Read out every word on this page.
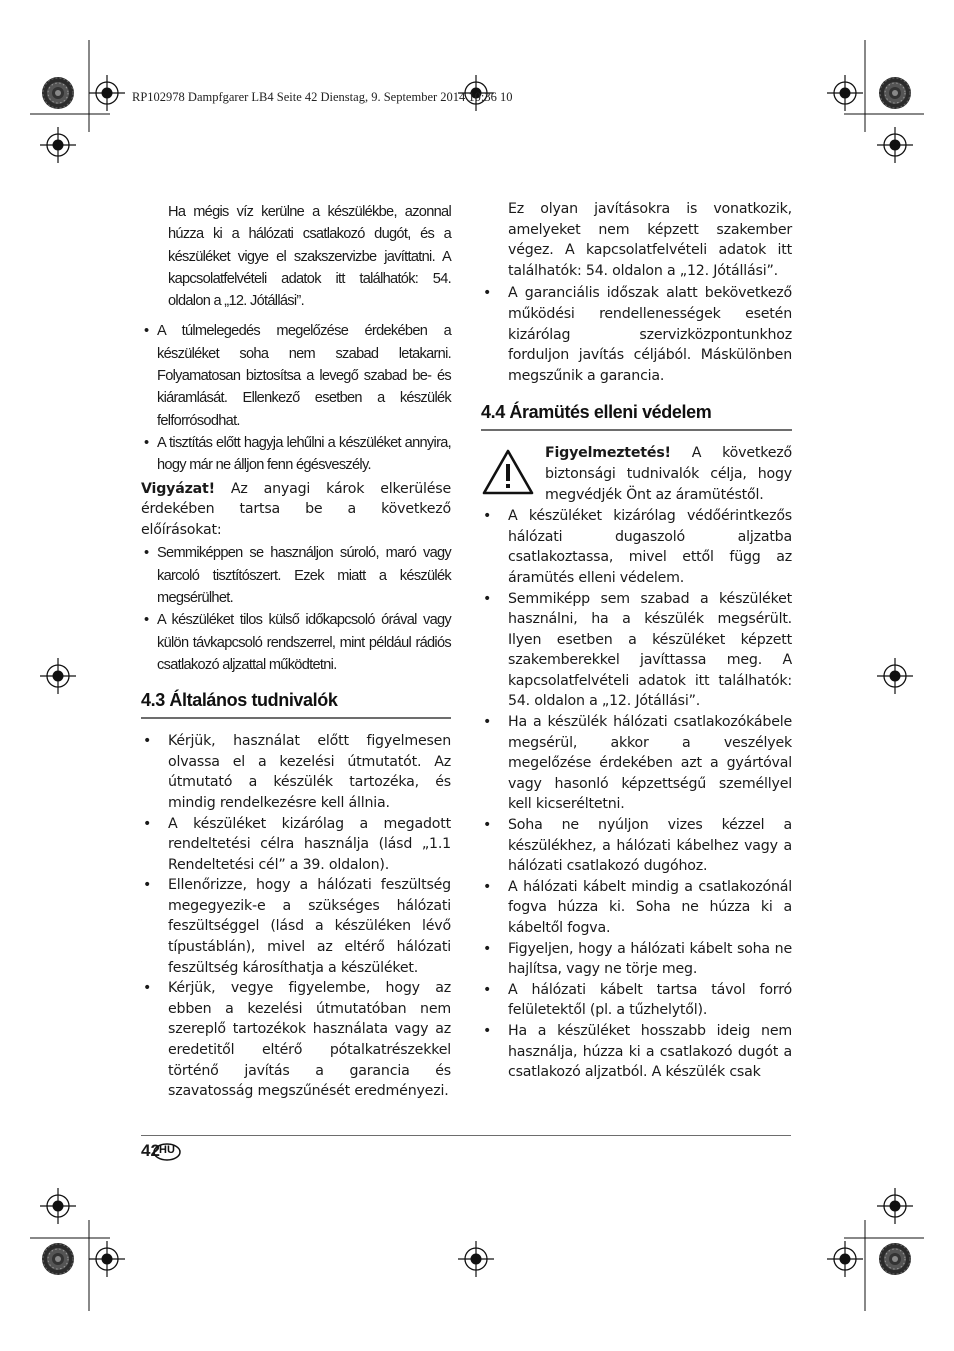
RP102978 Dampfgarer LB4 Seite 42 Dienstag, 9. September 2014 10:36 10

Ha mégis víz kerülne a készülékbe, azonnal húzza ki a hálózati csatlakozó dugót, és a készüléket vigye el szakszervizbe javíttatni. A kapcsolatfelvételi adatok itt találhatók: 54. oldalon a „12. Jótállási”.

• A túlmelegedés megelőzése érdekében a készüléket soha nem szabad letakarni. Folyamatosan biztosítsa a levegő szabad be- és kiáramlását. Ellenkező esetben a készülék felforrósodhat.
• A tisztítás előtt hagyja lehűlni a készüléket annyira, hogy már ne álljon fenn égésveszély.

Vigyázat! Az anyagi károk elkerülése érdekében tartsa be a következő előírásokat:

• Semmiképpen se használjon súroló, maró vagy karcoló tisztítószert. Ezek miatt a készülék megsérülhet.
• A készüléket tilos külső időkapcsoló órával vagy külön távkapcsoló rendszerrel, mint például rádiós csatlakozó aljzattal működtetni.
4.3 Általános tudnivalók
• Kérjük, használat előtt figyelmesen olvassa el a kezelési útmutatót. Az útmutató a készülék tartozéka, és mindig rendelkezésre kell állnia.
• A készüléket kizárólag a megadott rendeltetési célra használja (lásd „1.1 Rendeltetési cél” a 39. oldalon).
• Ellenőrizze, hogy a hálózati feszültség megegyezik-e a szükséges hálózati feszültséggel (lásd a készüléken lévő típustáblán), mivel az eltérő hálózati feszültség károsíthatja a készüléket.
• Kérjük, vegye figyelembe, hogy az ebben a kezelési útmutatóban nem szereplő tartozékok használata vagy az eredetitől eltérő pótalkatrészekkel történő javítás a garancia és szavatosság megszűnését eredményezi.

Ez olyan javításokra is vonatkozik, amelyeket nem képzett szakember végez. A kapcsolatfelvételi adatok itt találhatók: 54. oldalon a „12. Jótállási”.

• A garanciális időszak alatt bekövetkező működési rendellenességek esetén kizárólag szervizközpontunkhoz forduljon javítás céljából. Máskülönben megszűnik a garancia.
4.4 Áramütés elleni védelem

Figyelmeztetés! A következő biztonsági tudnivalók célja, hogy megvédjék Önt az áramütéstől.

• A készüléket kizárólag védőérintkezős hálózati dugaszoló aljzatba csatlakoztassa, mivel ettől függ az áramütés elleni védelem.
• Semmiképp sem szabad a készüléket használni, ha a készülék megsérült. Ilyen esetben a készüléket képzett szakemberekkel javíttassa meg. A kapcsolatfelvételi adatok itt találhatók: 54. oldalon a „12. Jótállási”.
• Ha a készülék hálózati csatlakozókábele megsérül, akkor a veszélyek megelőzése érdekében azt a gyártóval vagy hasonló képzettségű személlyel kell kicseréltetni.
• Soha ne nyúljon vizes kézzel a készülékhez, a hálózati kábelhez vagy a hálózati csatlakozó dugóhoz.
• A hálózati kábelt mindig a csatlakozónál fogva húzza ki. Soha ne húzza ki a kábeltől fogva.
• Figyeljen, hogy a hálózati kábelt soha ne hajlítsa, vagy ne törje meg.
• A hálózati kábelt tartsa távol forró felületektől (pl. a tűzhelytől).
• Ha a készüléket hosszabb ideig nem használja, húzza ki a csatlakozó dugót a csatlakozó aljzatból. A készülék csak
42 HU
